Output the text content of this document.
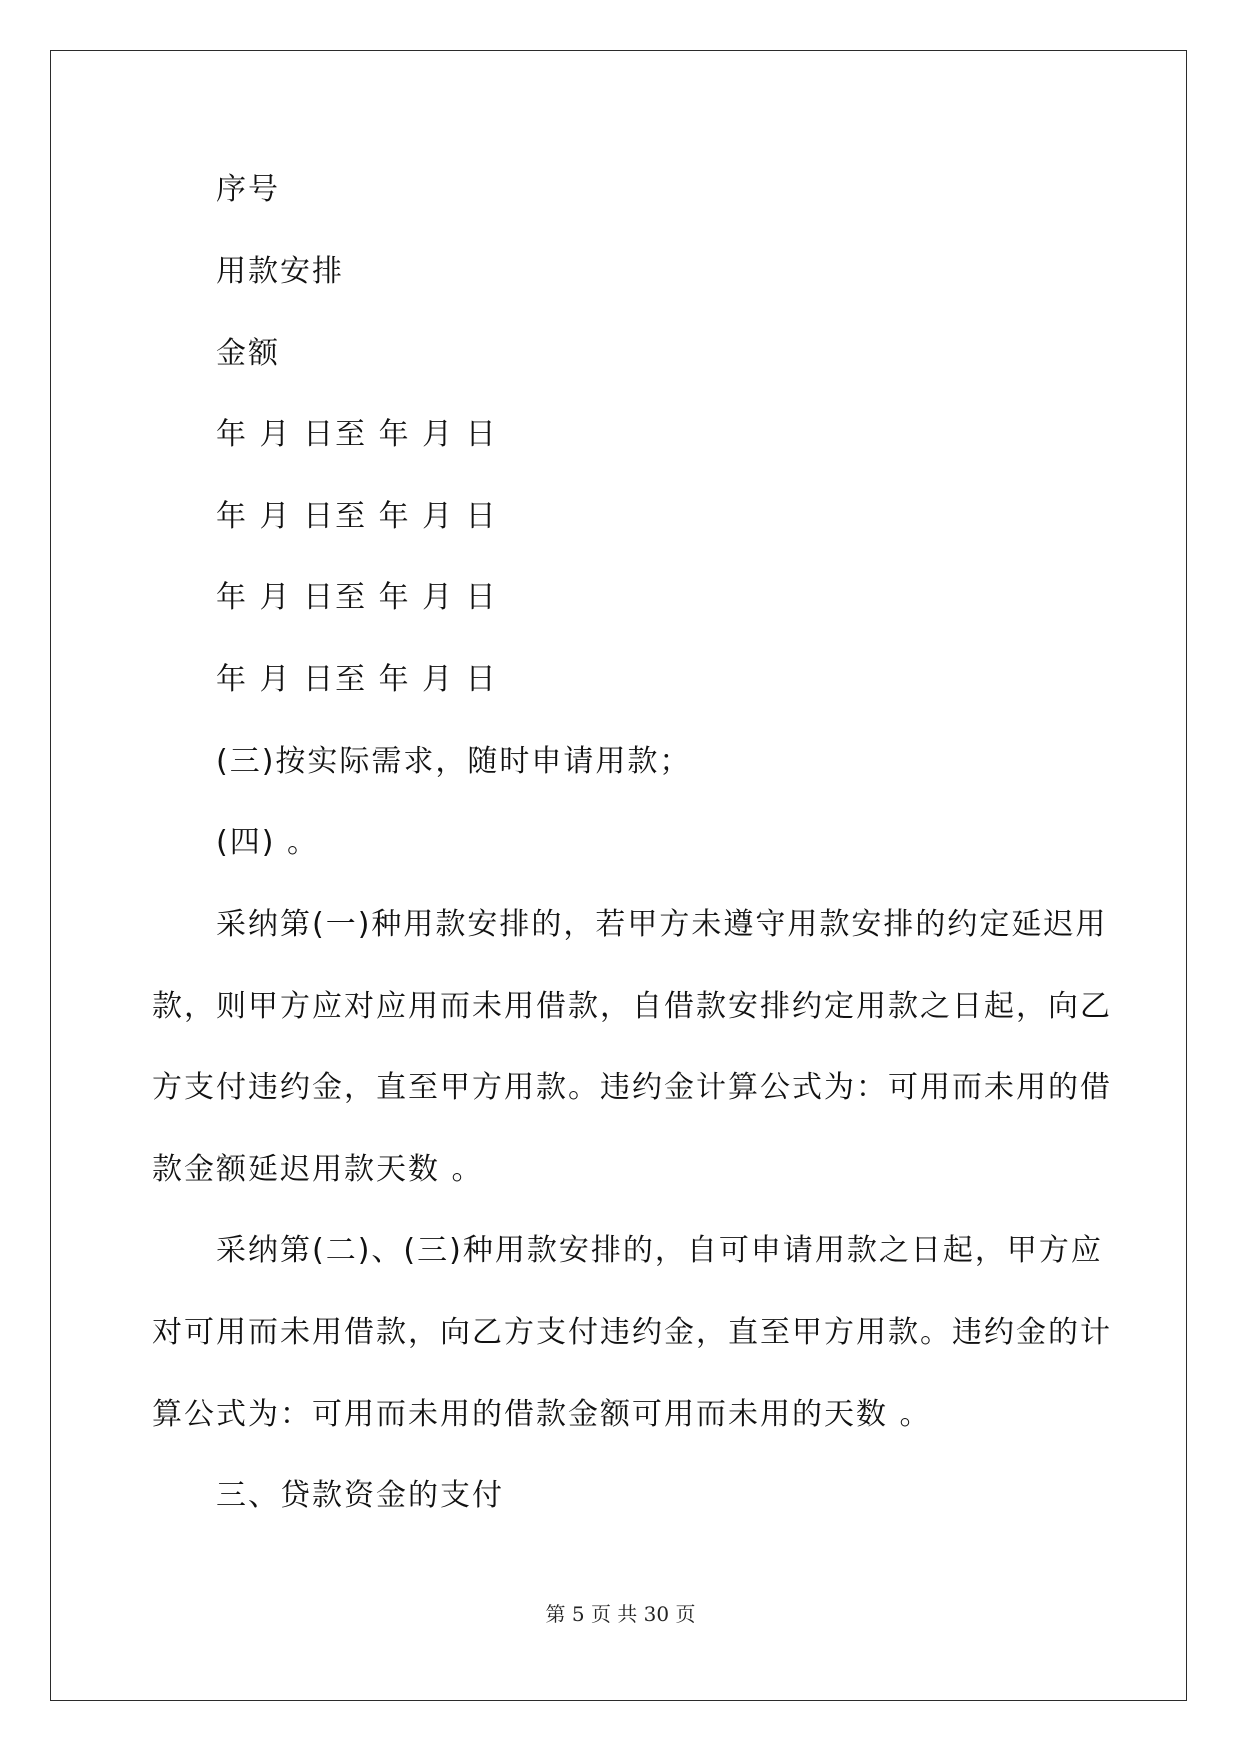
序号
用款安排
金额
年 月 日至 年 月 日
年 月 日至 年 月 日
年 月 日至 年 月 日
年 月 日至 年 月 日
(三)按实际需求，随时申请用款；
(四) 。
采纳第(一)种用款安排的，若甲方未遵守用款安排的约定延迟用
款，则甲方应对应用而未用借款，自借款安排约定用款之日起，向乙
方支付违约金，直至甲方用款。违约金计算公式为：可用而未用的借
款金额延迟用款天数 。
采纳第(二)、(三)种用款安排的，自可申请用款之日起，甲方应
对可用而未用借款，向乙方支付违约金，直至甲方用款。违约金的计
算公式为：可用而未用的借款金额可用而未用的天数 。
三、贷款资金的支付
第 5 页 共 30 页
